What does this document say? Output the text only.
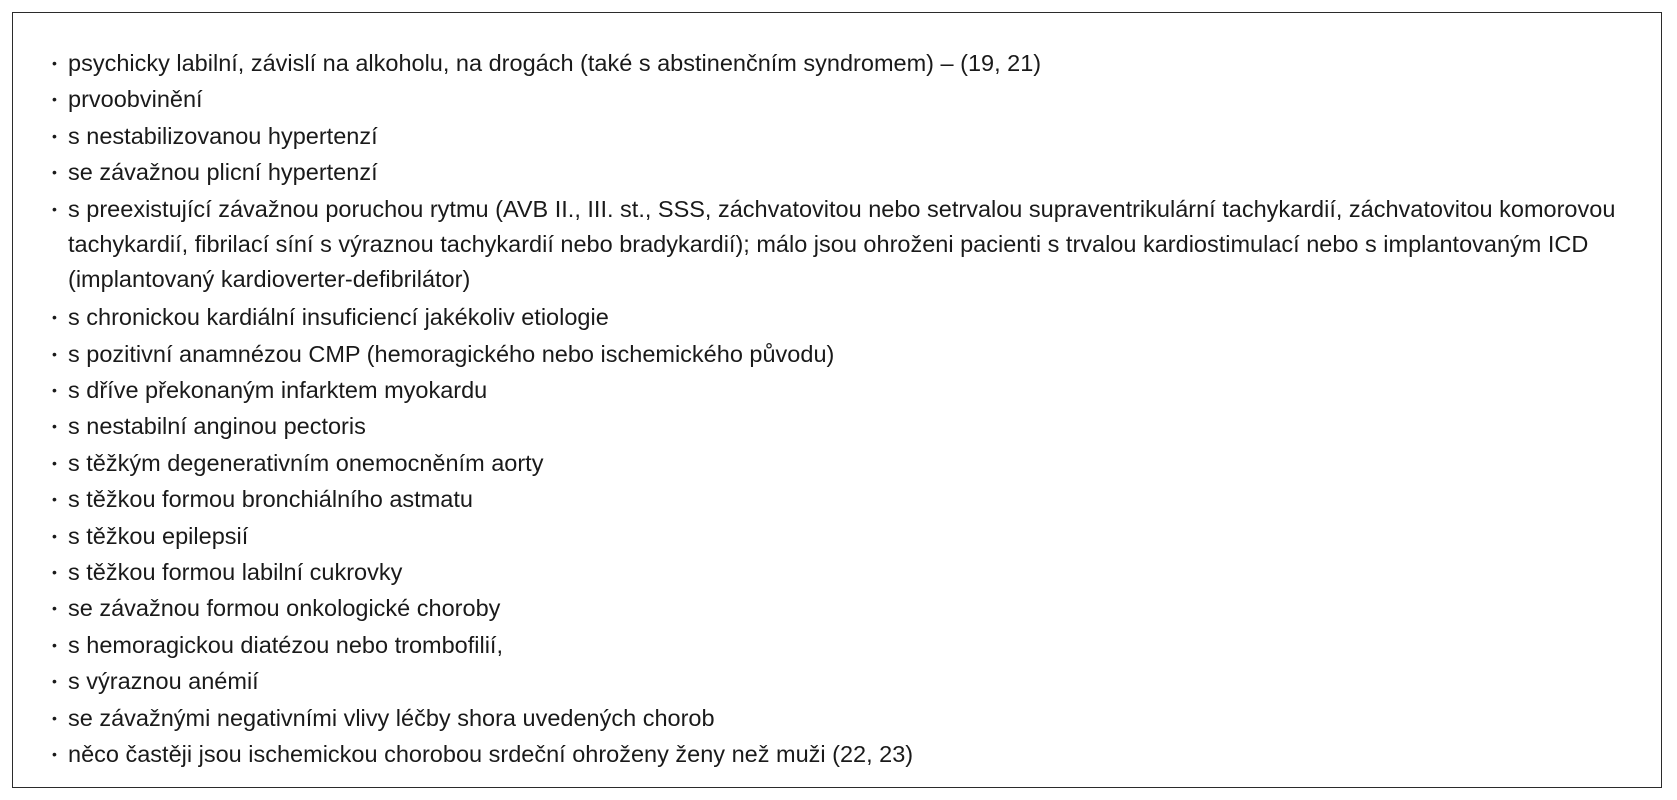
• psychicky labilní, závislí na alkoholu, na drogách (také s abstinenčním syndromem) – (19, 21)
• prvoobvinění
• s nestabilizovanou hypertenzí
• se závažnou plicní hypertenzí
• s preexistující závažnou poruchou rytmu (AVB II., III. st., SSS, záchvatovitou nebo setrvalou supraventrikulární tachykardií, záchvatovitou komorovou tachykardií, fibrilací síní s výraznou tachykardií nebo bradykardií); málo jsou ohroženi pacienti s trvalou kardiostimulací nebo s implantovaným ICD (implantovaný kardioverter-defibrilátor)
• s chronickou kardiální insuficiencí jakékoliv etiologie
• s pozitivní anamnézou CMP (hemoragického nebo ischemického původu)
• s dříve překonaným infarktem myokardu
• s nestabilní anginou pectoris
• s těžkým degenerativním onemocněním aorty
• s těžkou formou bronchiálního astmatu
• s těžkou epilepsií
• s těžkou formou labilní cukrovky
• se závažnou formou onkologické choroby
• s hemoragickou diatézou nebo trombofilií,
• s výraznou anémií
• se závažnými negativními vlivy léčby shora uvedených chorob
• něco častěji jsou ischemickou chorobou srdeční ohroženy ženy než muži (22, 23)
